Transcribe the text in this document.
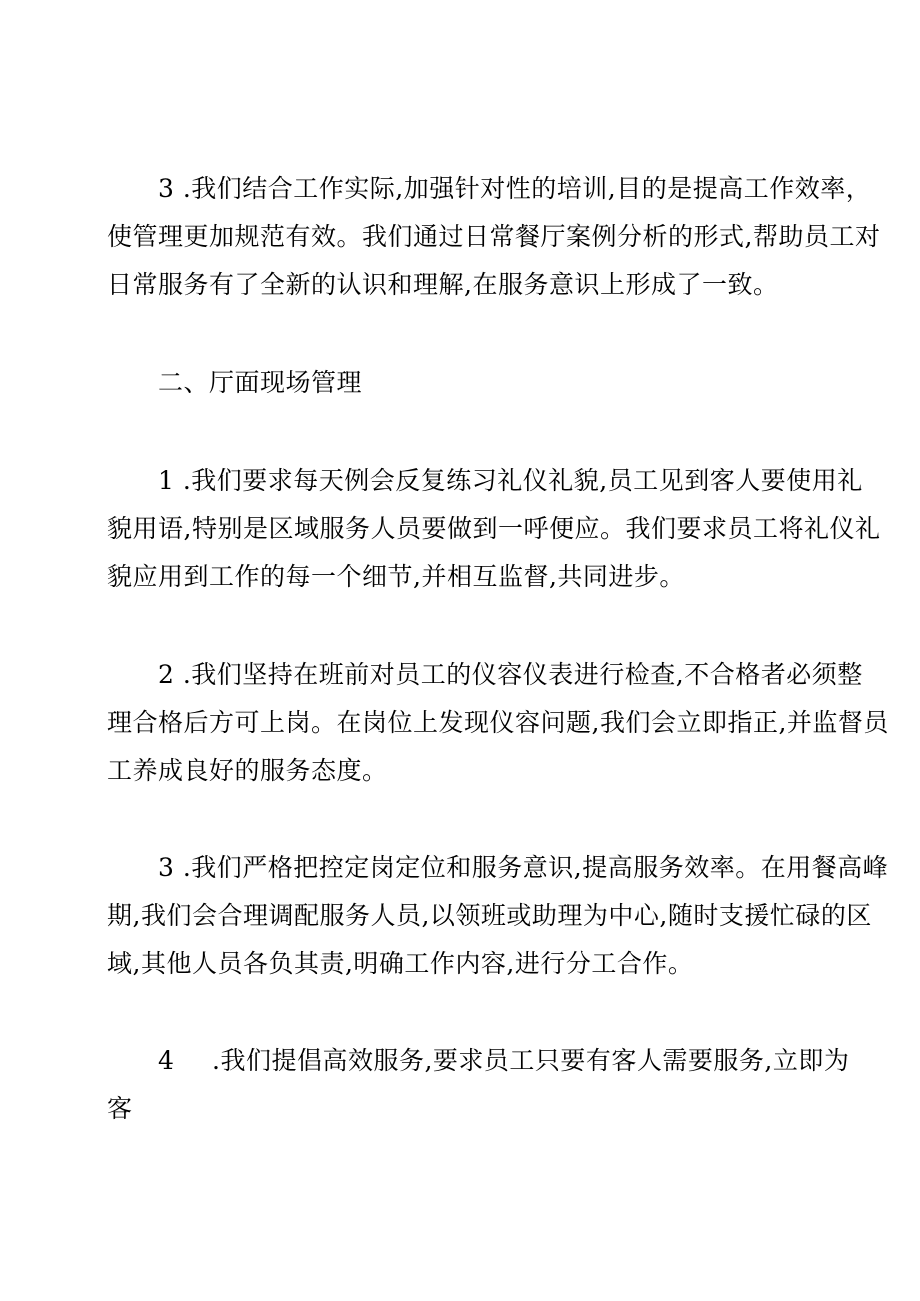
3 .我们结合工作实际,加强针对性的培训,目的是提高工作效率，
使管理更加规范有效。我们通过日常餐厅案例分析的形式,帮助员工对
日常服务有了全新的认识和理解,在服务意识上形成了一致。
二、厅面现场管理
1 .我们要求每天例会反复练习礼仪礼貌,员工见到客人要使用礼
貌用语,特别是区域服务人员要做到一呼便应。我们要求员工将礼仪礼
貌应用到工作的每一个细节,并相互监督,共同进步。
2 .我们坚持在班前对员工的仪容仪表进行检查,不合格者必须整
理合格后方可上岗。在岗位上发现仪容问题,我们会立即指正,并监督员
工养成良好的服务态度。
3 .我们严格把控定岗定位和服务意识,提高服务效率。在用餐高峰
期,我们会合理调配服务人员,以领班或助理为中心,随时支援忙碌的区
域,其他人员各负其责,明确工作内容,进行分工合作。
4 .我们提倡高效服务,要求员工只要有客人需要服务,立即为
客
